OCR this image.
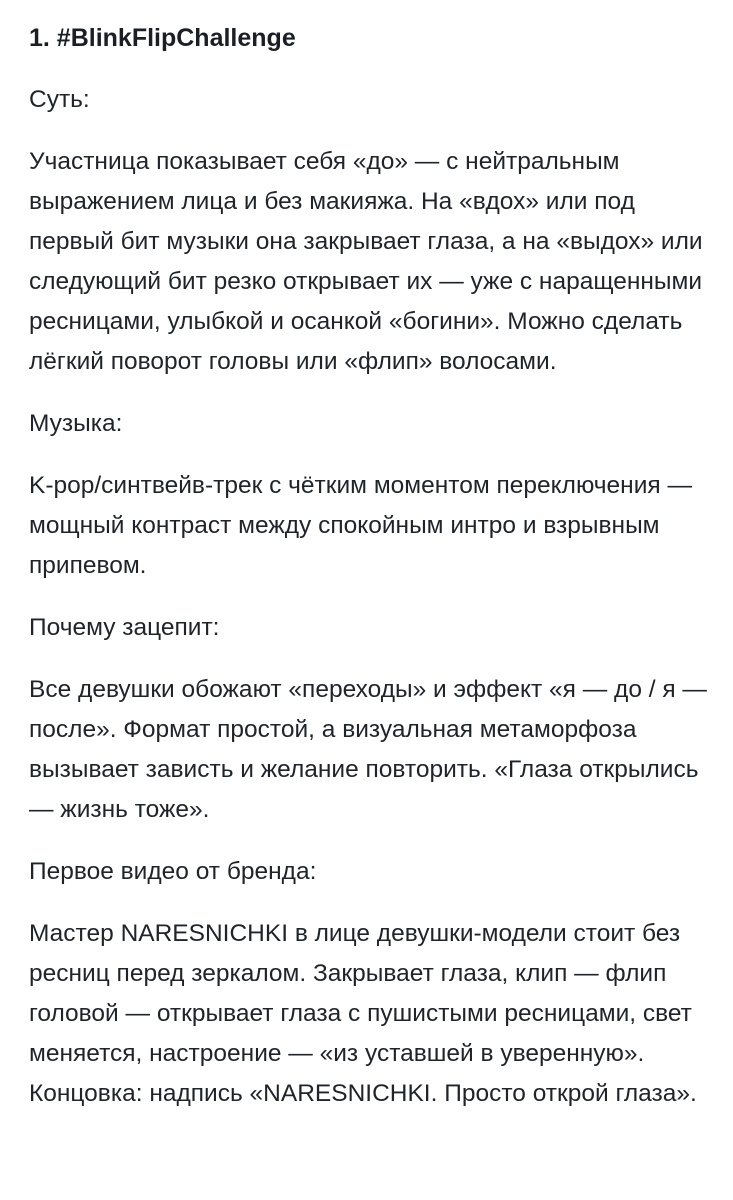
1. #BlinkFlipChallenge
Суть:
Участница показывает себя «до» — с нейтральным выражением лица и без макияжа. На «вдох» или под первый бит музыки она закрывает глаза, а на «выдох» или следующий бит резко открывает их — уже с наращенными ресницами, улыбкой и осанкой «богини». Можно сделать лёгкий поворот головы или «флип» волосами.
Музыка:
K-pop/синтвейв-трек с чётким моментом переключения — мощный контраст между спокойным интро и взрывным припевом.
Почему зацепит:
Все девушки обожают «переходы» и эффект «я — до / я — после». Формат простой, а визуальная метаморфоза вызывает зависть и желание повторить. «Глаза открылись — жизнь тоже».
Первое видео от бренда:
Мастер NARESNICHKI в лице девушки-модели стоит без ресниц перед зеркалом. Закрывает глаза, клип — флип головой — открывает глаза с пушистыми ресницами, свет меняется, настроение — «из уставшей в уверенную». Концовка: надпись «NARESNICHKI. Просто открой глаза».
